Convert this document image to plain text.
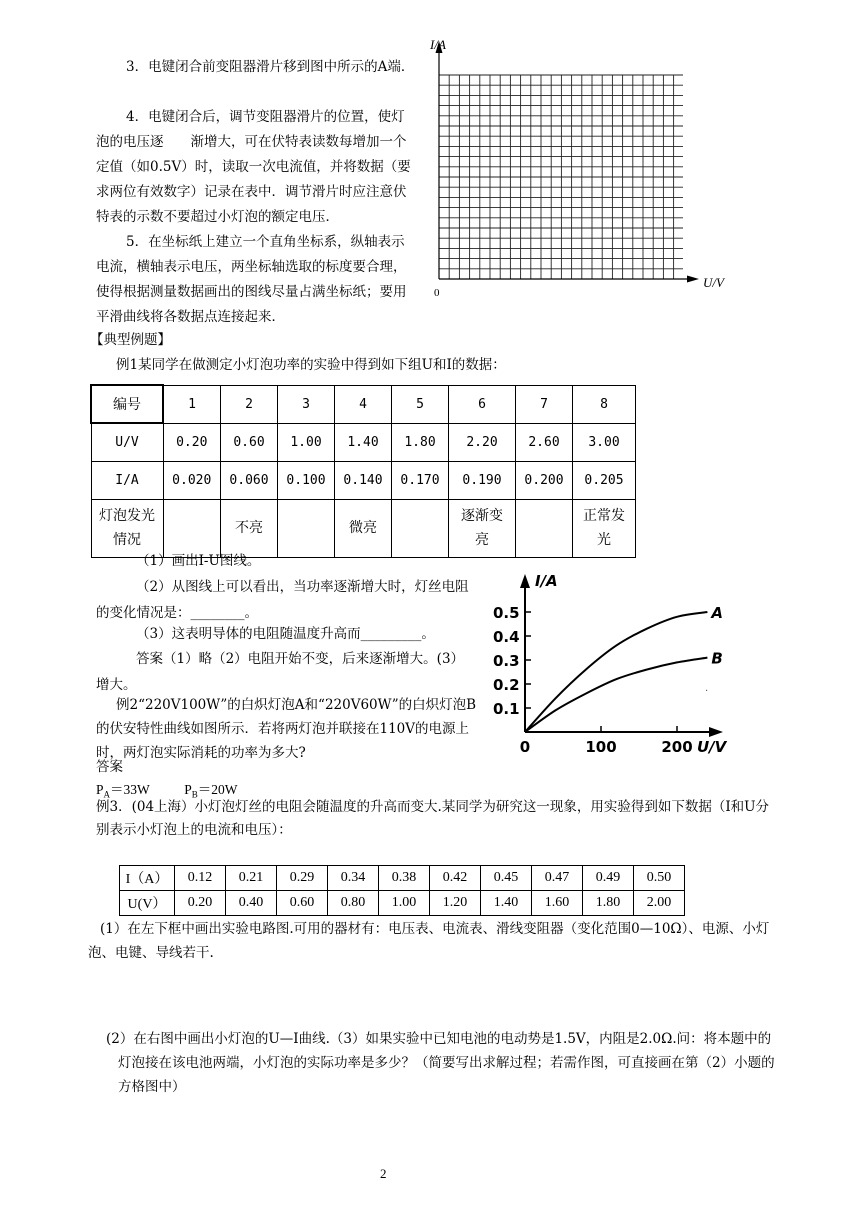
3．电键闭合前变阻器滑片移到图中所示的A端．

4．电键闭合后，调节变阻器滑片的位置，使灯泡的电压逐　　渐增大，可在伏特表读数每增加一个定值（如0.5V）时，读取一次电流值，并将数据（要求两位有效数字）记录在表中．调节滑片时应注意伏特表的示数不要超过小灯泡的额定电压．

5．在坐标纸上建立一个直角坐标系，纵轴表示电流，横轴表示电压，两坐标轴选取的标度要合理，使得根据测量数据画出的图线尽量占满坐标纸；要用平滑曲线将各数据点连接起来．

I/A
U/V
0
【典型例题】
例1某同学在做测定小灯泡功率的实验中得到如下组U和I的数据：
编号	1	2	3	4	5	6	7	8
U/V	0.20	0.60	1.00	1.40	1.80	2.20	2.60	3.00
I/A	0.020	0.060	0.100	0.140	0.170	0.190	0.200	0.205
灯泡发光情况		不亮		微亮		逐渐变亮		正常发光

（1）画出I-U图线。

（2）从图线上可以看出，当功率逐渐增大时，灯丝电阻的变化情况是：________。

（3）这表明导体的电阻随温度升高而_________。

答案（1）略（2）电阻开始不变，后来逐渐增大。(3）增大。

例2“220V100W”的白炽灯泡A和“220V60W”的白炽灯泡B的伏安特性曲线如图所示．若将两灯泡并联接在110V的电源上时，两灯泡实际消耗的功率为多大?

答案
$P_A=33W$	$P_B=20W$
I/A
U/V
0.1
0.2
0.3
0.4
0.5
0	100	200
A
B
·

例3．(04上海）小灯泡灯丝的电阻会随温度的升高而变大.某同学为研究这一现象，用实验得到如下数据（I和U分别表示小灯泡上的电流和电压）：

I（A）	0.12	0.21	0.29	0.34	0.38	0.42	0.45	0.47	0.49	0.50
U(V）	0.20	0.40	0.60	0.80	1.00	1.20	1.40	1.60	1.80	2.00

(1）在左下框中画出实验电路图.可用的器材有：电压表、电流表、滑线变阻器（变化范围0—10Ω）、电源、小灯泡、电键、导线若干.

(2）在右图中画出小灯泡的U—I曲线.（3）如果实验中已知电池的电动势是1.5V，内阻是2.0Ω.问：将本题中的灯泡接在该电池两端，小灯泡的实际功率是多少？（简要写出求解过程；若需作图，可直接画在第（2）小题的方格图中）

2
